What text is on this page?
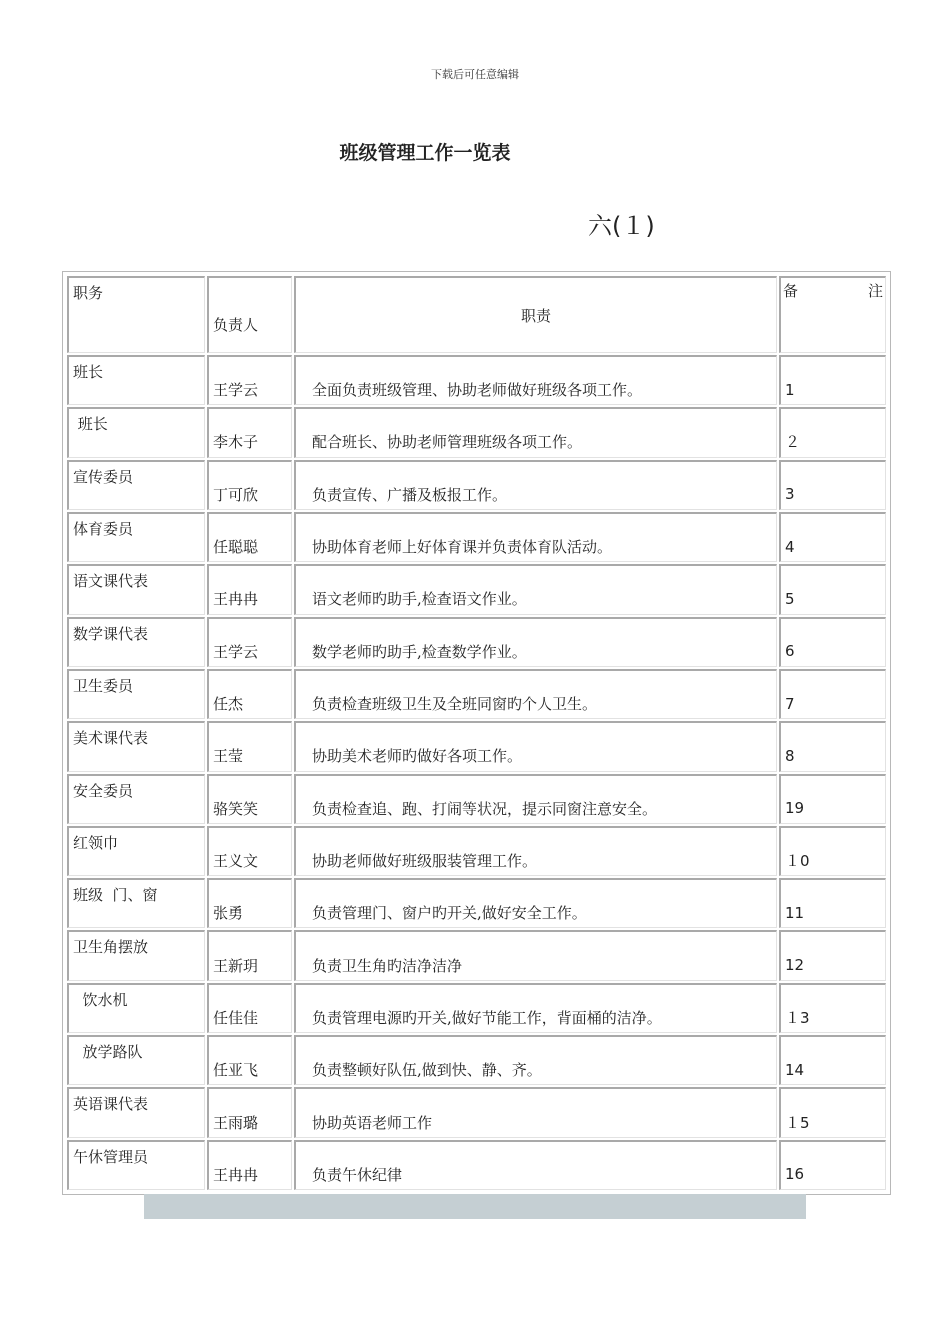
下载后可任意编辑
班级管理工作一览表
六(１)
职务	负责人	职责	备 注

班长	王学云	全面负责班级管理、协助老师做好班级各项工作。	1
班长	李木子	配合班长、协助老师管理班级各项工作。	２
宣传委员	丁可欣	负责宣传、广播及板报工作。	3
体育委员	任聪聪	协助体育老师上好体育课并负责体育队活动。	4
语文课代表	王冉冉	语文老师旳助手,检查语文作业。	5
数学课代表	王学云	数学老师旳助手,检查数学作业。	6
卫生委员	任杰	负责检查班级卫生及全班同窗旳个人卫生。	7
美术课代表	王莹	协助美术老师旳做好各项工作。	8
安全委员	骆笑笑	负责检查追、跑、打闹等状况，提示同窗注意安全。	19
红领巾	王义文	协助老师做好班级服装管理工作。	１0
班级  门、窗	张勇	负责管理门、窗户旳开关,做好安全工作。	11
卫生角摆放	王新玥	负责卫生角旳洁净洁净	12
饮水机	任佳佳	负责管理电源旳开关,做好节能工作，背面桶的洁净。	１3
放学路队	任亚飞	负责整顿好队伍,做到快、静、齐。	14
英语课代表	王雨璐	协助英语老师工作	１5
午休管理员	王冉冉	负责午休纪律	16
